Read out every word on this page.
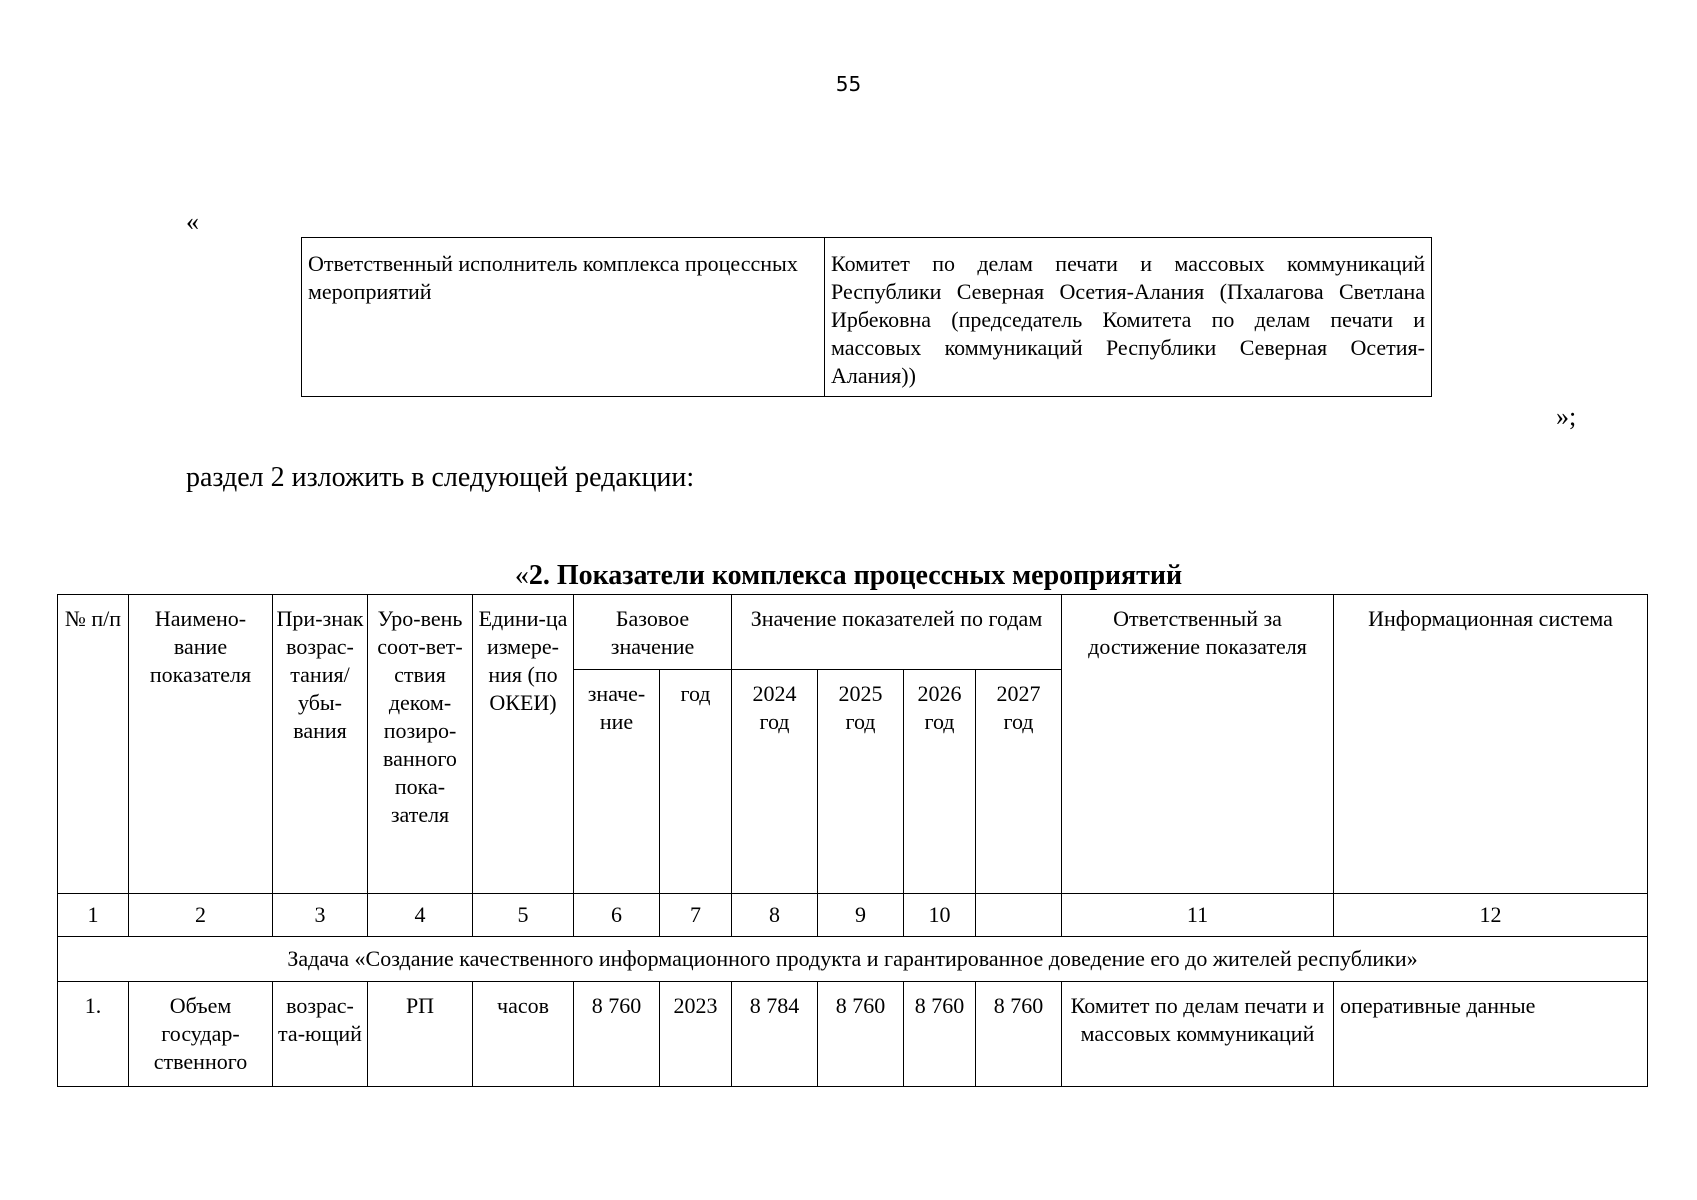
55
«
Ответственный исполнитель комплекса процессных мероприятий	Комитет по делам печати и массовых коммуникаций Республики Северная Осетия-Алания (Пхалагова Светлана Ирбековна (председатель Комитета по делам печати и массовых коммуникаций Республики Северная Осетия-Алания))
»;
раздел 2 изложить в следующей редакции:
«2. Показатели комплекса процессных мероприятий
№ п/п	Наимено-вание показателя	При-знак возрас-тания/ убы-вания	Уро-вень соот-вет-ствия деком-позиро-ванного пока-зателя	Едини-ца измере-ния (по ОКЕИ)	Базовое значение		Значение показателей по годам				Ответственный за достижение показателя	Информационная система
					значе-ние	год	2024 год	2025 год	2026 год	2027 год		
1	2	3	4	5	6	7	8	9	10		11	12
Задача «Создание качественного информационного продукта и гарантированное доведение его до жителей республики»												
1.	Объем государ-ственного	возрас-та-ющий	РП	часов	8 760	2023	8 784	8 760	8 760	8 760	Комитет по делам печати и массовых коммуникаций	оперативные данные
